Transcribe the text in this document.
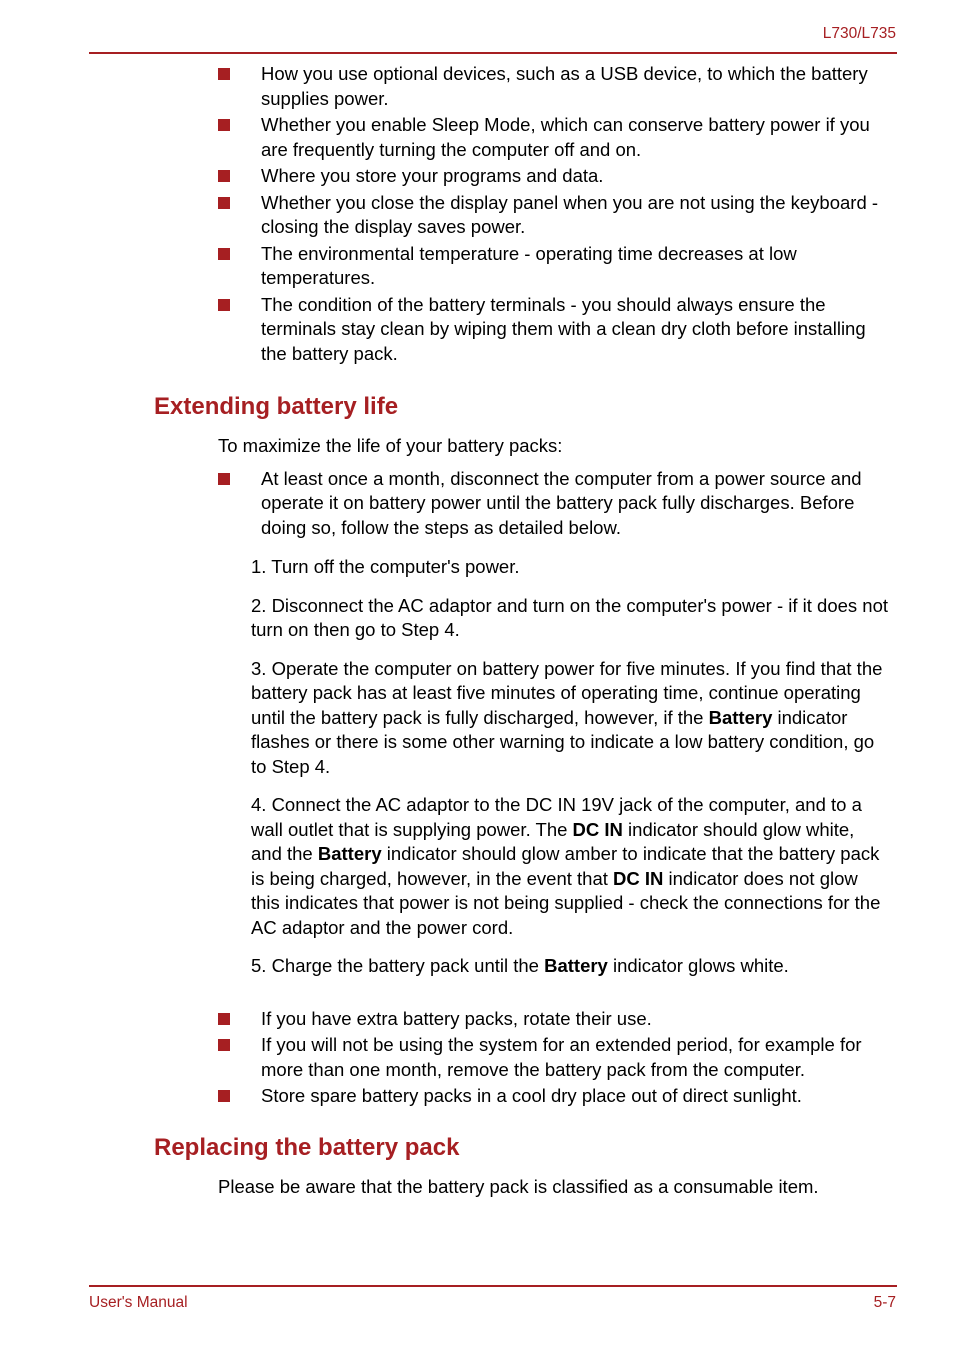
L730/L735
How you use optional devices, such as a USB device, to which the battery supplies power.
Whether you enable Sleep Mode, which can conserve battery power if you are frequently turning the computer off and on.
Where you store your programs and data.
Whether you close the display panel when you are not using the keyboard - closing the display saves power.
The environmental temperature - operating time decreases at low temperatures.
The condition of the battery terminals - you should always ensure the terminals stay clean by wiping them with a clean dry cloth before installing the battery pack.
Extending battery life

To maximize the life of your battery packs:

At least once a month, disconnect the computer from a power source and operate it on battery power until the battery pack fully discharges. Before doing so, follow the steps as detailed below.

1. Turn off the computer's power.

2. Disconnect the AC adaptor and turn on the computer's power - if it does not turn on then go to Step 4.

3. Operate the computer on battery power for five minutes. If you find that the battery pack has at least five minutes of operating time, continue operating until the battery pack is fully discharged, however, if the Battery indicator flashes or there is some other warning to indicate a low battery condition, go to Step 4.

4. Connect the AC adaptor to the DC IN 19V jack of the computer, and to a wall outlet that is supplying power. The DC IN indicator should glow white, and the Battery indicator should glow amber to indicate that the battery pack is being charged, however, in the event that DC IN indicator does not glow this indicates that power is not being supplied - check the connections for the AC adaptor and the power cord.

5. Charge the battery pack until the Battery indicator glows white.

If you have extra battery packs, rotate their use.
If you will not be using the system for an extended period, for example for more than one month, remove the battery pack from the computer.
Store spare battery packs in a cool dry place out of direct sunlight.
Replacing the battery pack

Please be aware that the battery pack is classified as a consumable item.

User's Manual	5-7
